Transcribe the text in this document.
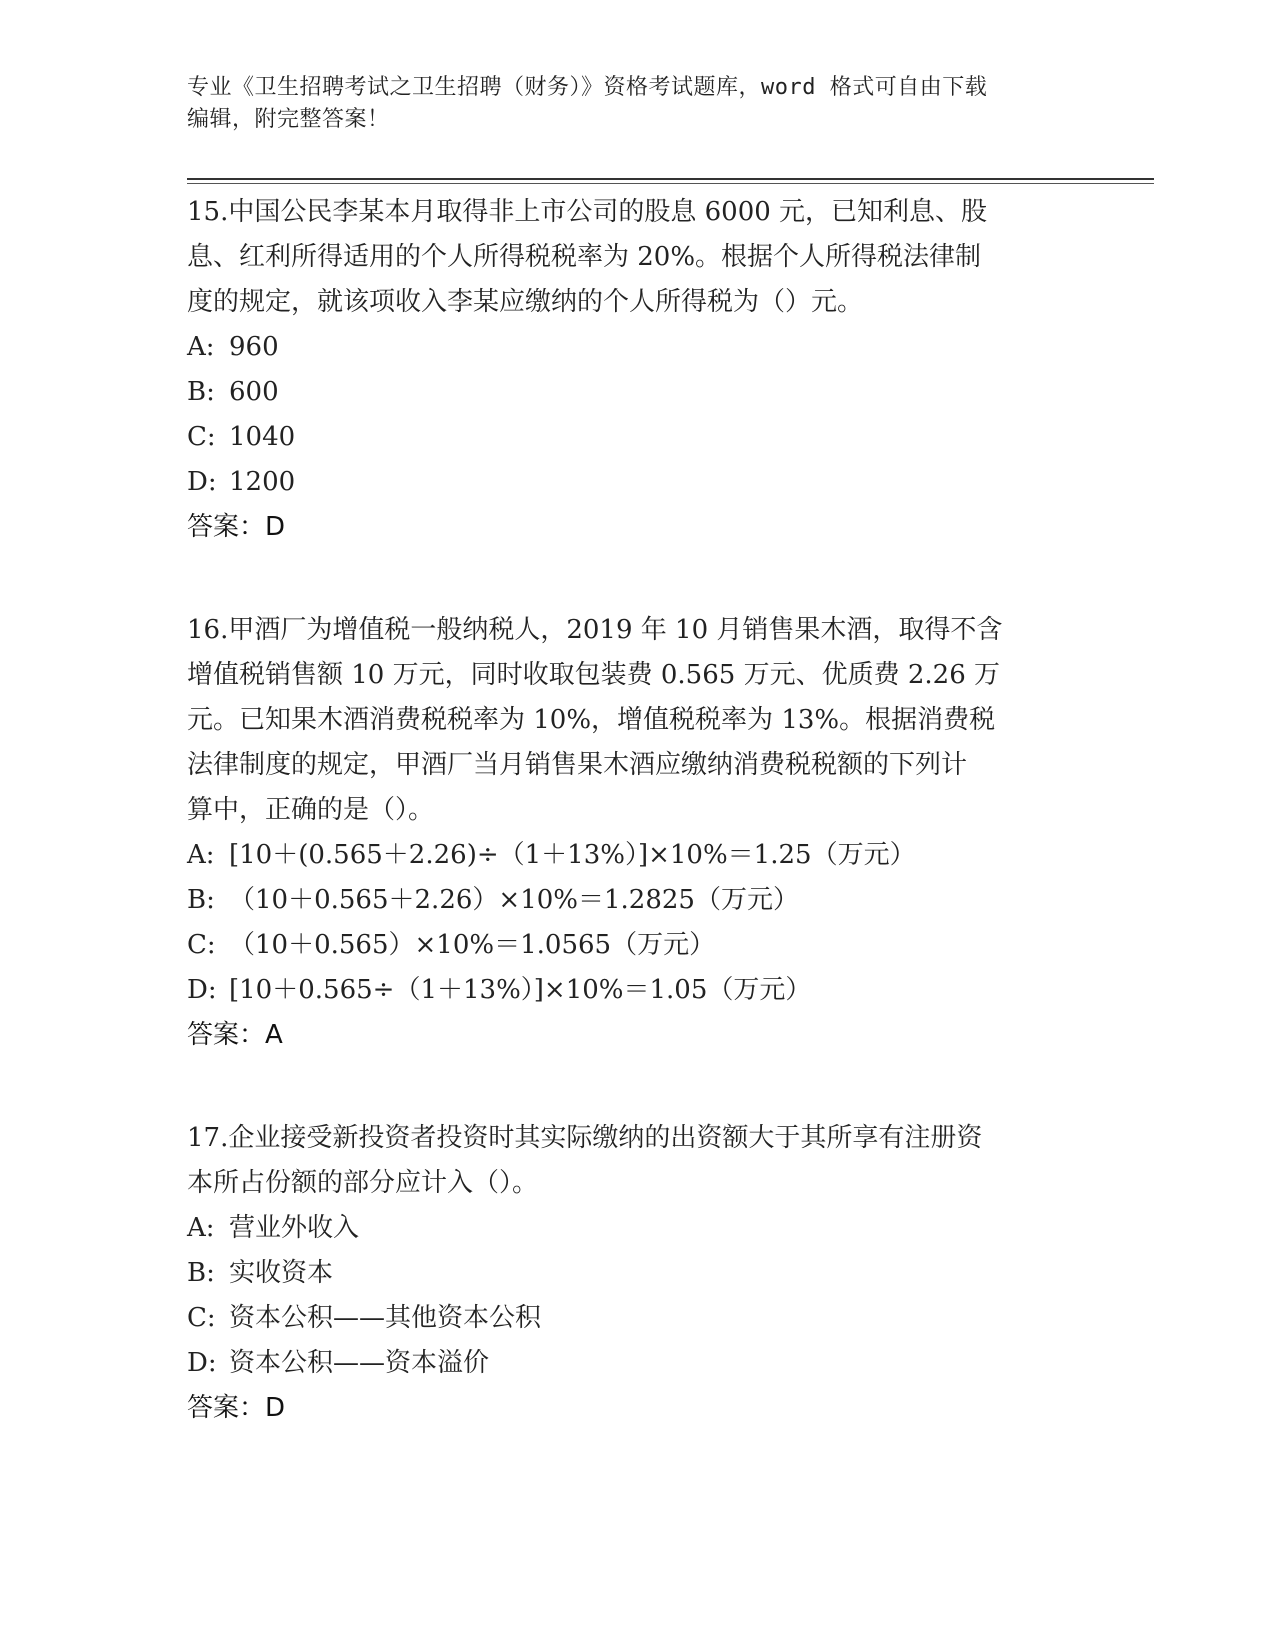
专业《卫生招聘考试之卫生招聘（财务）》资格考试题库，word 格式可自由下载
编辑，附完整答案！

15.中国公民李某本月取得非上市公司的股息 6000 元，已知利息、股

息、红利所得适用的个人所得税税率为 20%。根据个人所得税法律制

度的规定，就该项收入李某应缴纳的个人所得税为（）元。

A: 960

B: 600

C: 1040

D: 1200

答案：D

16.甲酒厂为增值税一般纳税人，2019 年 10 月销售果木酒，取得不含

增值税销售额 10 万元，同时收取包装费 0.565 万元、优质费 2.26 万

元。已知果木酒消费税税率为 10%，增值税税率为 13%。根据消费税

法律制度的规定，甲酒厂当月销售果木酒应缴纳消费税税额的下列计

算中，正确的是（）。

A: [10＋(0.565＋2.26)÷（1＋13%）]×10%＝1.25（万元）

B: （10＋0.565＋2.26）×10%＝1.2825（万元）

C: （10＋0.565）×10%＝1.0565（万元）

D: [10＋0.565÷（1＋13%）]×10%＝1.05（万元）

答案：A

17.企业接受新投资者投资时其实际缴纳的出资额大于其所享有注册资

本所占份额的部分应计入（）。

A: 营业外收入

B: 实收资本

C: 资本公积——其他资本公积

D: 资本公积——资本溢价

答案：D
